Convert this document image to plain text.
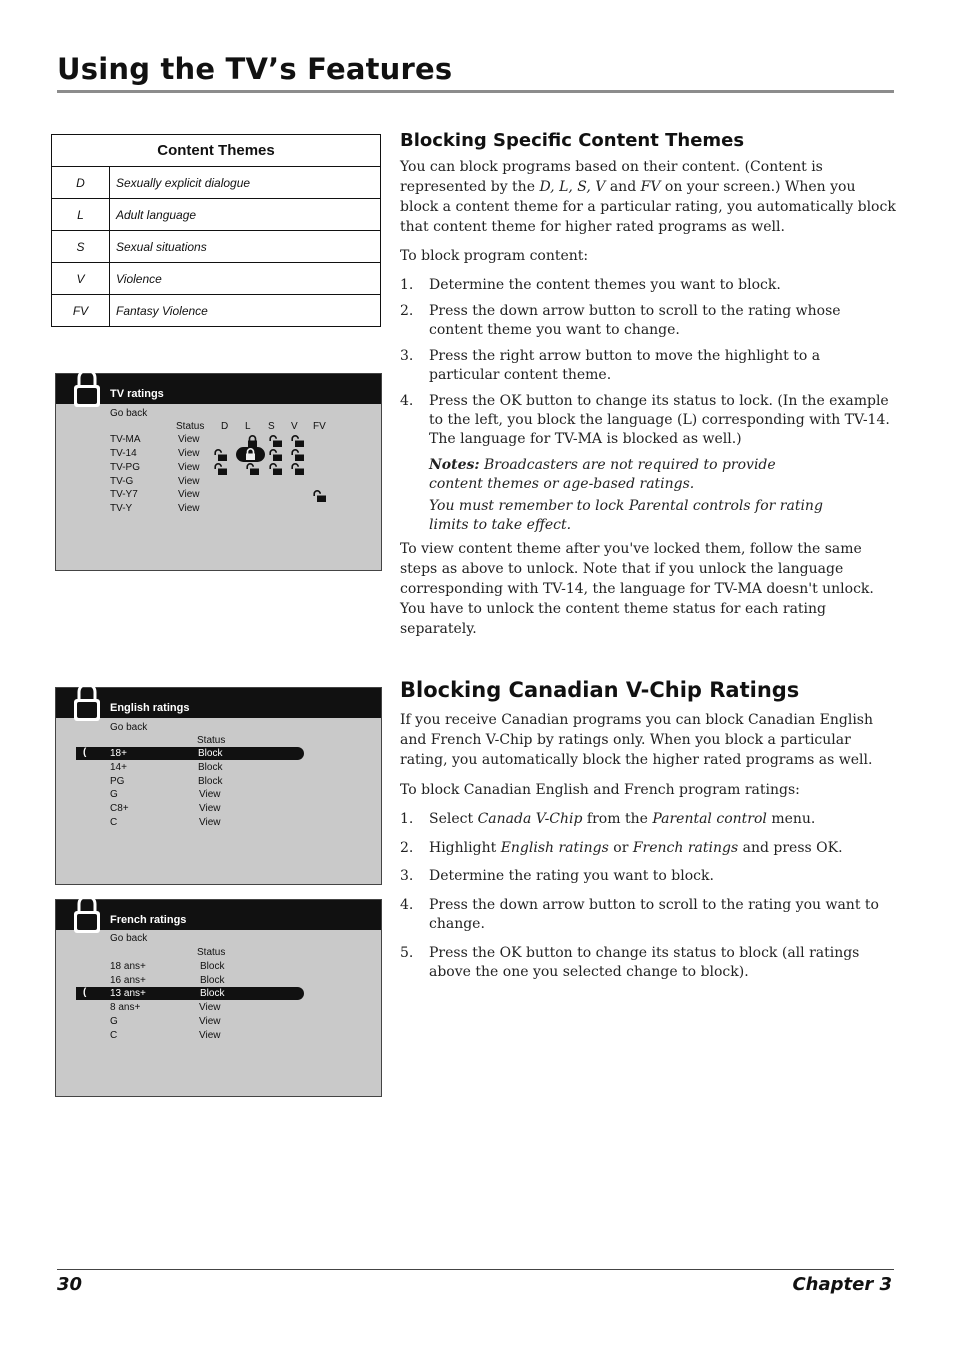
Using the TV’s Features
Content Themes	
D	Sexually explicit dialogue
L	Adult language
S	Sexual situations
V	Violence
FV	Fantasy Violence
TV ratings
Go back
Status D L S V FV
TV-MA	View
TV-14	View
TV-PG	View
TV-G	View
TV-Y7	View
TV-Y	View
English ratings
Go back
Status
( 18+	Block
14+	Block
PG	Block
G	View
C8+	View
C	View
French ratings
Go back
Status
18 ans+	Block
16 ans+	Block
( 13 ans+	Block
8 ans+	View
G	View
C	View
Blocking Specific Content Themes

You can block programs based on their content. (Content is represented by the D, L, S, V and FV on your screen.) When you block a content theme for a particular rating, you automatically block that content theme for higher rated programs as well.

To block program content:

1. Determine the content themes you want to block.
2. Press the down arrow button to scroll to the rating whose content theme you want to change.
3. Press the right arrow button to move the highlight to a particular content theme.
4. Press the OK button to change its status to lock. (In the example to the left, you block the language (L) corresponding with TV-14. The language for TV-MA is blocked as well.)
Notes: Broadcasters are not required to provide content themes or age-based ratings.
You must remember to lock Parental controls for rating limits to take effect.

To view content theme after you've locked them, follow the same steps as above to unlock. Note that if you unlock the language corresponding with TV-14, the language for TV-MA doesn't unlock. You have to unlock the content theme status for each rating separately.

Blocking Canadian V-Chip Ratings

If you receive Canadian programs you can block Canadian English and French V-Chip by ratings only. When you block a particular rating, you automatically block the higher rated programs as well.

To block Canadian English and French program ratings:

1. Select Canada V-Chip from the Parental control menu.
2. Highlight English ratings or French ratings and press OK.
3. Determine the rating you want to block.
4. Press the down arrow button to scroll to the rating you want to change.
5. Press the OK button to change its status to block (all ratings above the one you selected change to block).
30	Chapter 3
